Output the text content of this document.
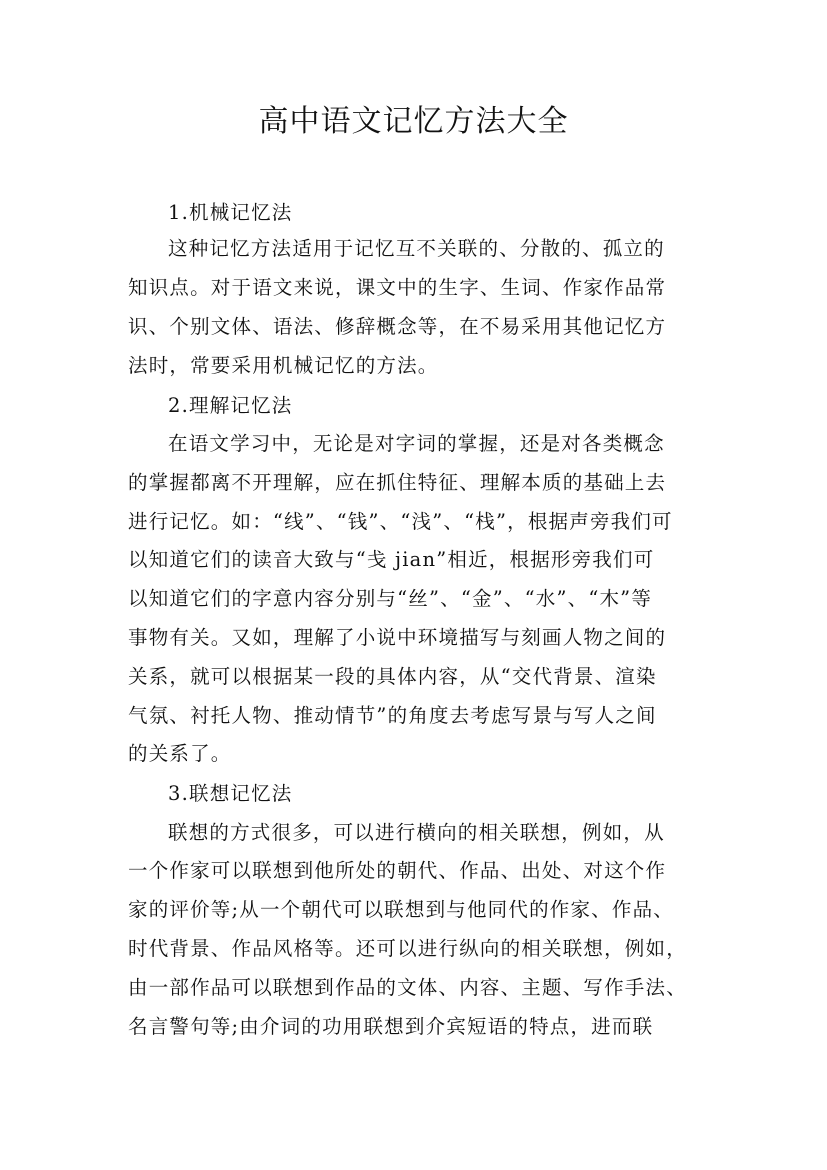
高中语文记忆方法大全
1.机械记忆法
这种记忆方法适用于记忆互不关联的、分散的、孤立的
知识点。对于语文来说，课文中的生字、生词、作家作品常
识、个别文体、语法、修辞概念等，在不易采用其他记忆方
法时，常要采用机械记忆的方法。
2.理解记忆法
在语文学习中，无论是对字词的掌握，还是对各类概念
的掌握都离不开理解，应在抓住特征、理解本质的基础上去
进行记忆。如：“线”、“钱”、“浅”、“栈”，根据声旁我们可
以知道它们的读音大致与“戋 jian”相近，根据形旁我们可
以知道它们的字意内容分别与“丝”、“金”、“水”、“木”等
事物有关。又如，理解了小说中环境描写与刻画人物之间的
关系，就可以根据某一段的具体内容，从“交代背景、渲染
气氛、衬托人物、推动情节”的角度去考虑写景与写人之间
的关系了。
3.联想记忆法
联想的方式很多，可以进行横向的相关联想，例如，从
一个作家可以联想到他所处的朝代、作品、出处、对这个作
家的评价等;从一个朝代可以联想到与他同代的作家、作品、
时代背景、作品风格等。还可以进行纵向的相关联想，例如，
由一部作品可以联想到作品的文体、内容、主题、写作手法、
名言警句等;由介词的功用联想到介宾短语的特点，进而联
